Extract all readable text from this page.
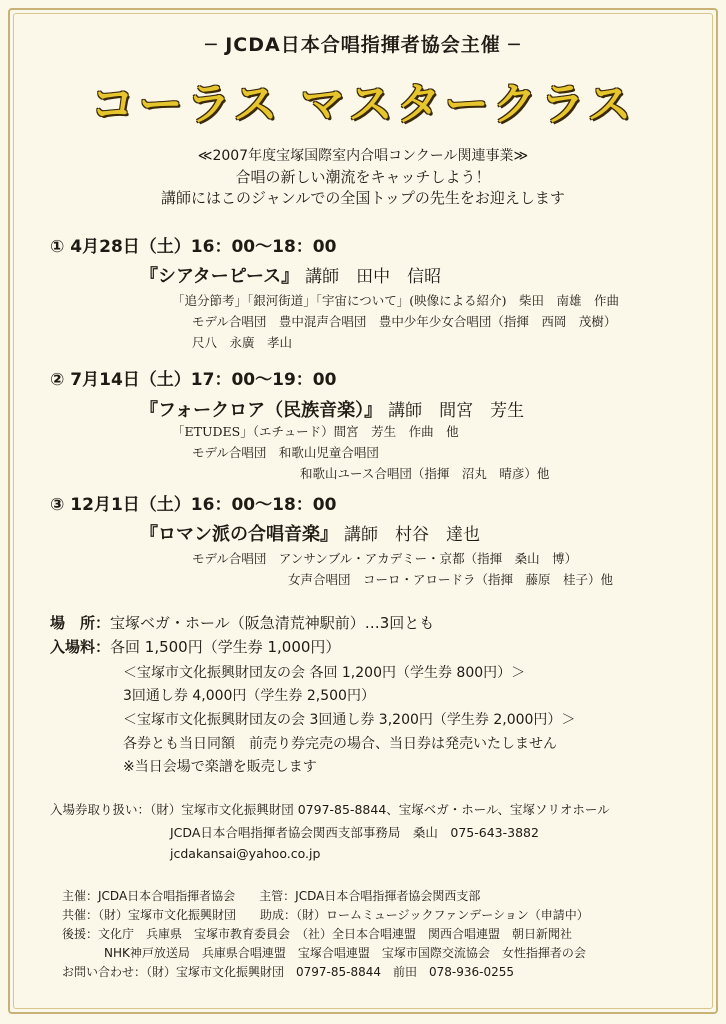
─ JCDA日本合唱指揮者協会主催 ─
コーラス マスタークラス
≪2007年度宝塚国際室内合唱コンクール関連事業≫
合唱の新しい潮流をキャッチしよう！
講師にはこのジャンルでの全国トップの先生をお迎えします
① 4月28日（土）16：00〜18：00
『シアターピース』 講師　田中　信昭
「追分節考」「銀河街道」「宇宙について」(映像による紹介)　柴田　南雄　作曲
モデル合唱団　豊中混声合唱団　豊中少年少女合唱団（指揮　西岡　茂樹）
尺八　永廣　孝山
② 7月14日（土）17：00〜19：00
『フォークロア（民族音楽）』 講師　間宮　芳生
「ETUDES」（エチュード）間宮　芳生　作曲　他
モデル合唱団　和歌山児童合唱団
和歌山ユース合唱団（指揮　沼丸　晴彦）他
③ 12月1日（土）16：00〜18：00
『ロマン派の合唱音楽』 講師　村谷　達也
モデル合唱団　アンサンブル・アカデミー・京都（指揮　桑山　博）
女声合唱団　コーロ・アロードラ（指揮　藤原　桂子）他
場　所：宝塚ベガ・ホール（阪急清荒神駅前）…3回とも
入場料：各回 1,500円（学生券 1,000円）
＜宝塚市文化振興財団友の会 各回 1,200円（学生券 800円）＞
3回通し券 4,000円（学生券 2,500円）
＜宝塚市文化振興財団友の会 3回通し券 3,200円（学生券 2,000円）＞
各券とも当日同額　前売り券完売の場合、当日券は発売いたしません
※当日会場で楽譜を販売します
入場券取り扱い：（財）宝塚市文化振興財団 0797-85-8844、宝塚ベガ・ホール、宝塚ソリオホール
JCDA日本合唱指揮者協会関西支部事務局　桑山　075-643-3882
jcdakansai@yahoo.co.jp
主催：JCDA日本合唱指揮者協会　　主管：JCDA日本合唱指揮者協会関西支部
共催：（財）宝塚市文化振興財団　　助成：（財）ロームミュージックファンデーション（申請中）
後援：文化庁　兵庫県　宝塚市教育委員会　（社）全日本合唱連盟　関西合唱連盟　朝日新聞社
NHK神戸放送局　兵庫県合唱連盟　宝塚合唱連盟　宝塚市国際交流協会　女性指揮者の会
お問い合わせ：（財）宝塚市文化振興財団　0797-85-8844　前田　078-936-0255
